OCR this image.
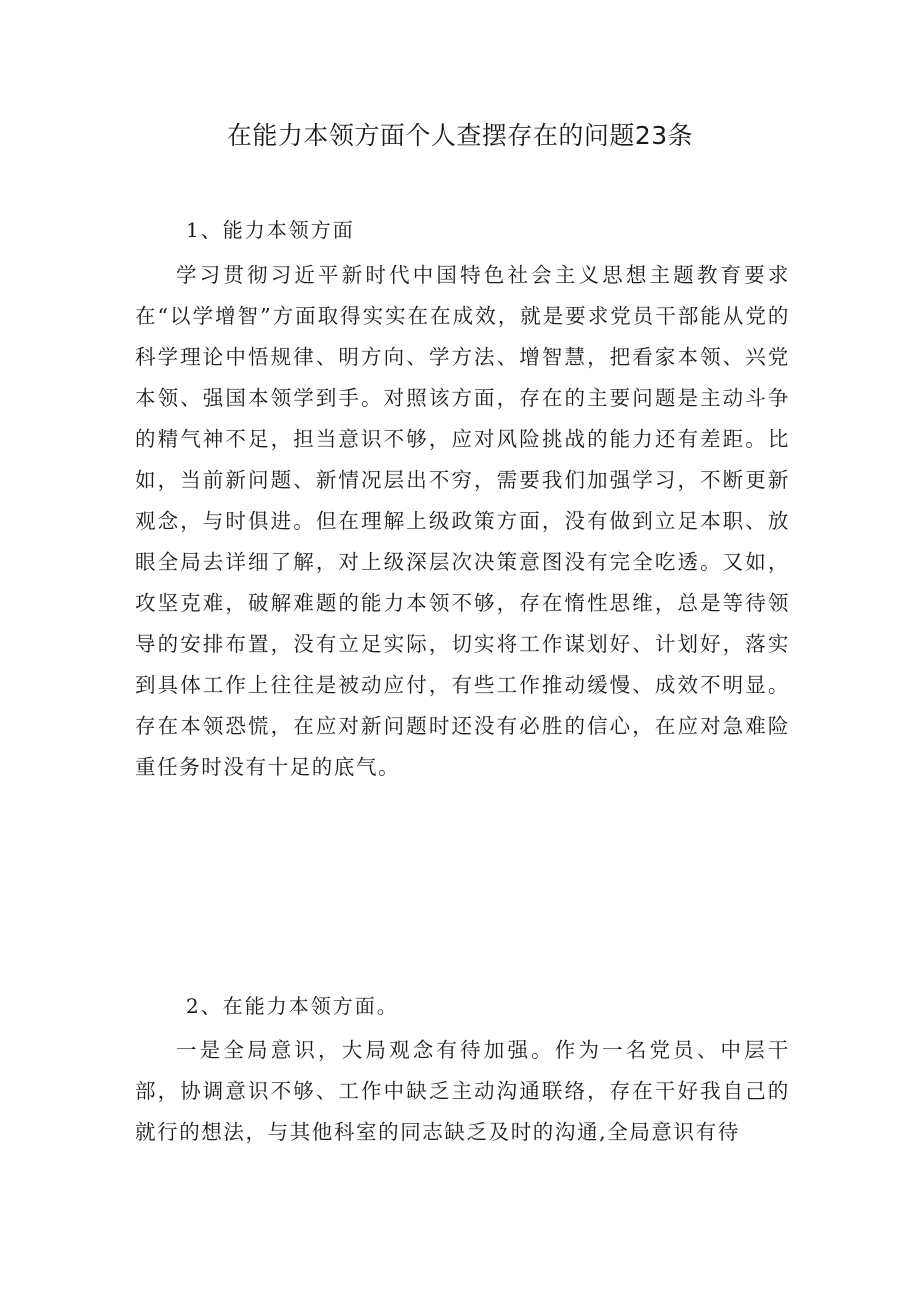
在能力本领方面个人查摆存在的问题23条
1、能力本领方面

学习贯彻习近平新时代中国特色社会主义思想主题教育要求在“以学增智”方面取得实实在在成效，就是要求党员干部能从党的科学理论中悟规律、明方向、学方法、增智慧，把看家本领、兴党本领、强国本领学到手。对照该方面，存在的主要问题是主动斗争的精气神不足，担当意识不够，应对风险挑战的能力还有差距。比如，当前新问题、新情况层出不穷，需要我们加强学习，不断更新观念，与时俱进。但在理解上级政策方面，没有做到立足本职、放眼全局去详细了解，对上级深层次决策意图没有完全吃透。又如，攻坚克难，破解难题的能力本领不够，存在惰性思维，总是等待领导的安排布置，没有立足实际，切实将工作谋划好、计划好，落实到具体工作上往往是被动应付，有些工作推动缓慢、成效不明显。存在本领恐慌，在应对新问题时还没有必胜的信心，在应对急难险重任务时没有十足的底气。

2、在能力本领方面。

一是全局意识，大局观念有待加强。作为一名党员、中层干部，协调意识不够、工作中缺乏主动沟通联络，存在干好我自己的就行的想法，与其他科室的同志缺乏及时的沟通,全局意识有待
